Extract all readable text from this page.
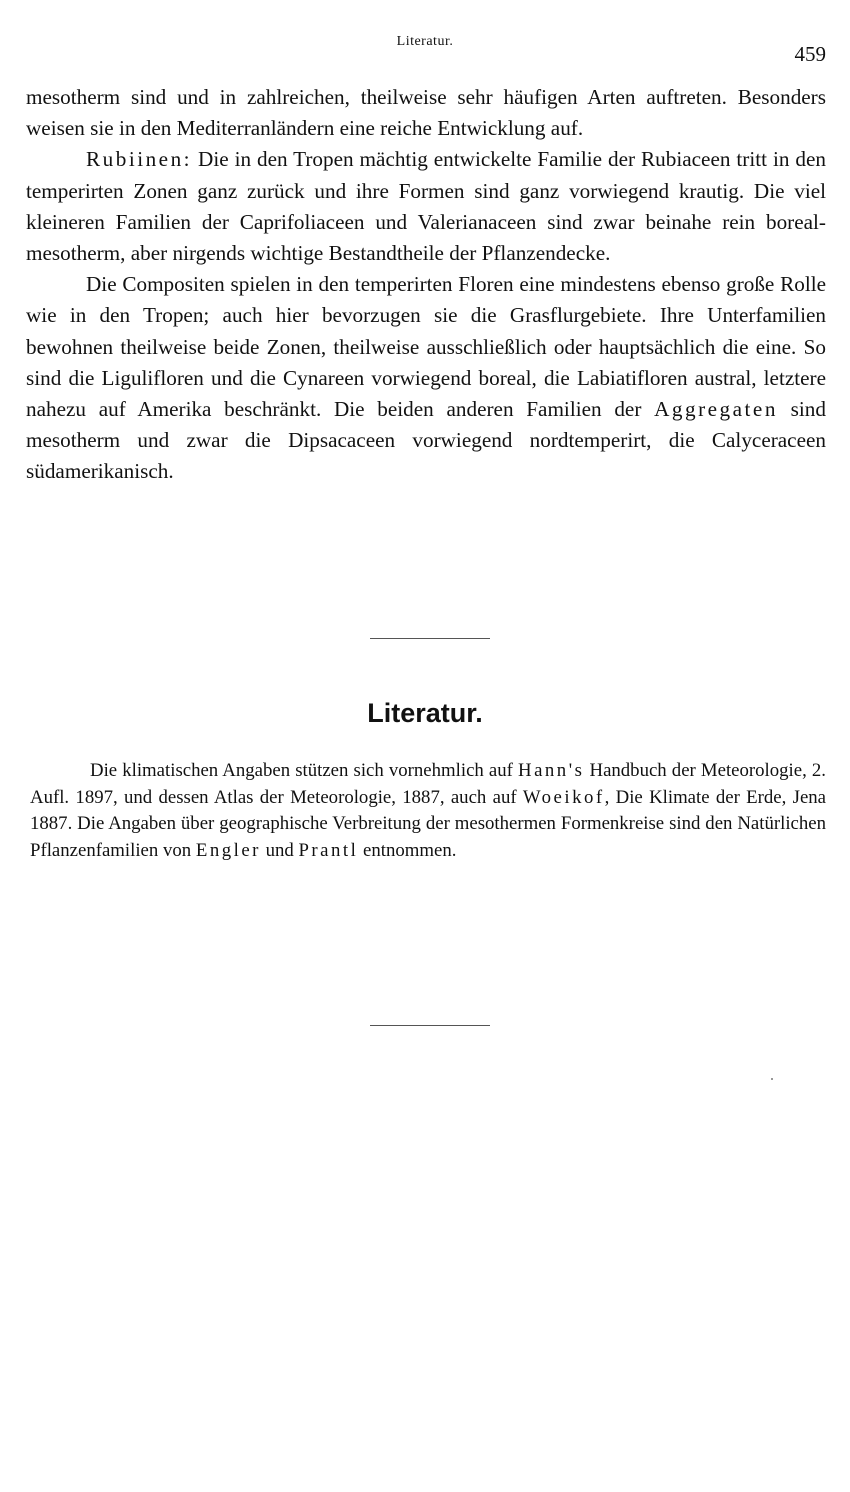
Literatur.
459

mesotherm sind und in zahlreichen, theilweise sehr häufigen Arten auftreten. Besonders weisen sie in den Mediterranländern eine reiche Entwicklung auf.

Rubiinen: Die in den Tropen mächtig entwickelte Familie der Rubiaceen tritt in den temperirten Zonen ganz zurück und ihre Formen sind ganz vorwiegend krautig. Die viel kleineren Familien der Caprifoliaceen und Valerianaceen sind zwar beinahe rein boreal-mesotherm, aber nirgends wichtige Bestandtheile der Pflanzendecke.

Die Compositen spielen in den temperirten Floren eine mindestens ebenso große Rolle wie in den Tropen; auch hier bevorzugen sie die Grasflurgebiete. Ihre Unterfamilien bewohnen theilweise beide Zonen, theilweise ausschließlich oder hauptsächlich die eine. So sind die Ligulifloren und die Cynareen vorwiegend boreal, die Labiatifloren austral, letztere nahezu auf Amerika beschränkt. Die beiden anderen Familien der Aggregaten sind mesotherm und zwar die Dipsacaceen vorwiegend nordtemperirt, die Calyceraceen südamerikanisch.

Literatur.

Die klimatischen Angaben stützen sich vornehmlich auf Hann's Handbuch der Meteorologie, 2. Aufl. 1897, und dessen Atlas der Meteorologie, 1887, auch auf Woeikof, Die Klimate der Erde, Jena 1887. Die Angaben über geographische Verbreitung der mesothermen Formenkreise sind den Natürlichen Pflanzenfamilien von Engler und Prantl entnommen.
